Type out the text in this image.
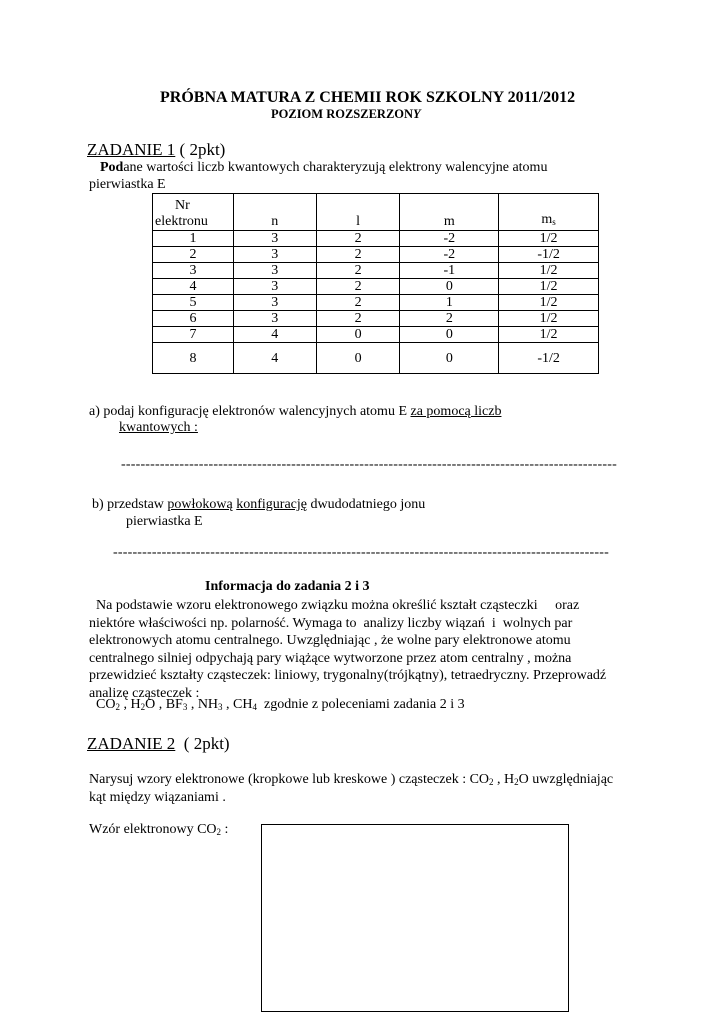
PRÓBNA MATURA Z CHEMII ROK SZKOLNY 2011/2012
POZIOM ROZSZERZONY
ZADANIE 1 ( 2pkt)
Podane wartości liczb kwantowych charakteryzują elektrony walencyjne atomu
pierwiastka E
Nr
elektronu	n	l	m	$m_s$
1	3	2	-2	1/2
2	3	2	-2	-1/2
3	3	2	-1	1/2
4	3	2	0	1/2
5	3	2	1	1/2
6	3	2	2	1/2
7	4	0	0	1/2
8	4	0	0	-1/2
a) podaj konfigurację elektronów walencyjnych atomu E za pomocą liczb
kwantowych :
------------------------------------------------------------------------------------------------------
b) przedstaw powłokową konfigurację dwudodatniego jonu
pierwiastka E
------------------------------------------------------------------------------------------------------
Informacja do zadania 2 i 3
Na podstawie wzoru elektronowego związku można określić kształt cząsteczki     oraz
niektóre właściwości np. polarność. Wymaga to  analizy liczby wiązań  i  wolnych par
elektronowych atomu centralnego. Uwzględniając , że wolne pary elektronowe atomu
centralnego silniej odpychają pary wiążące wytworzone przez atom centralny , można
przewidzieć kształty cząsteczek: liniowy, trygonalny(trójkątny), tetraedryczny. Przeprowadź
analizę cząsteczek :
$CO_2$ , $H_2O$ , $BF_3$ , $NH_3$ , $CH_4$  zgodnie z poleceniami zadania 2 i 3
ZADANIE 2  ( 2pkt)
Narysuj wzory elektronowe (kropkowe lub kreskowe ) cząsteczek : $CO_2$ , $H_2O$ uwzględniając
kąt między wiązaniami .
Wzór elektronowy $CO_2$ :
